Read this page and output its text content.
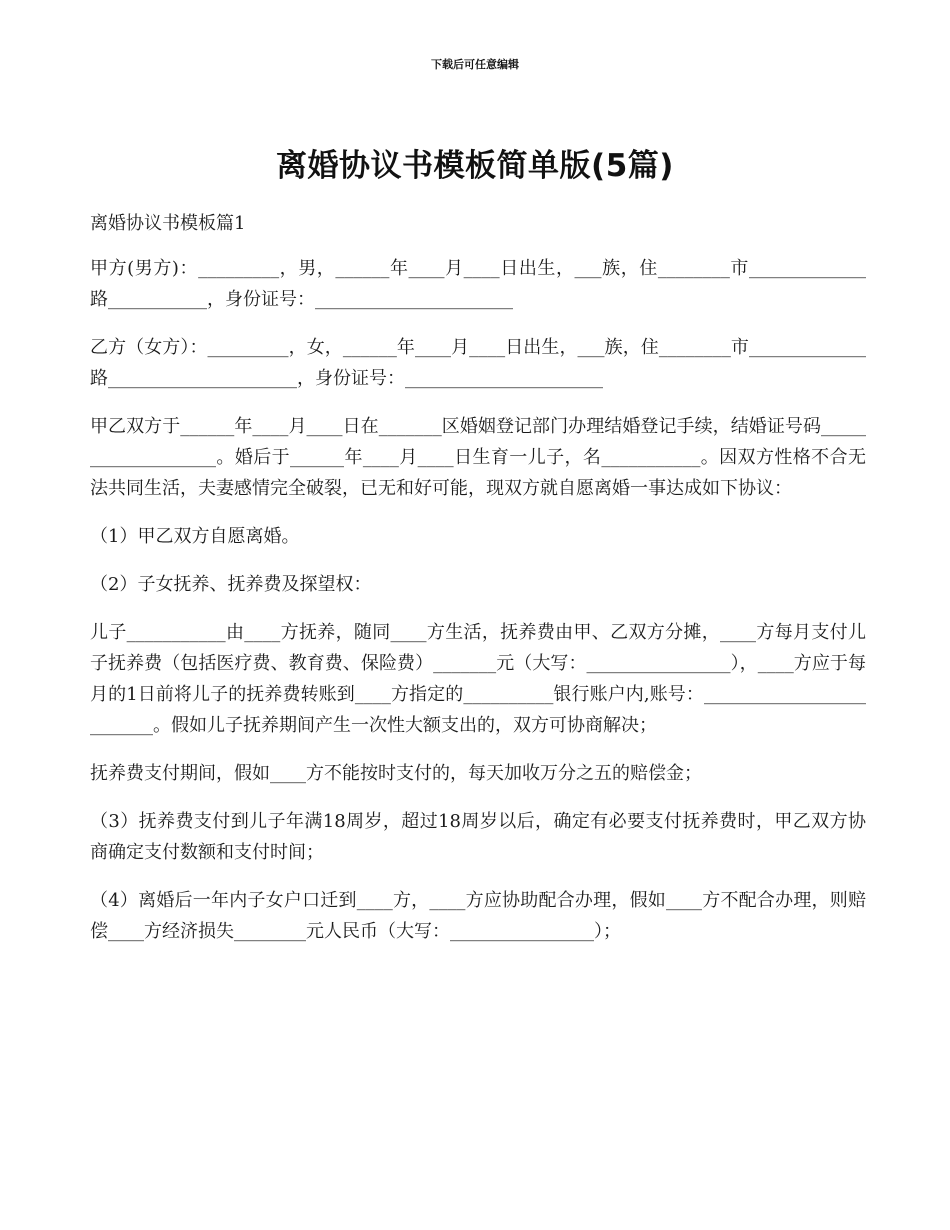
下载后可任意编辑
离婚协议书模板简单版(5篇)

离婚协议书模板篇1

甲方(男方)：_________，男，______年____月____日出生，___族，住________市_____________路___________，身份证号：______________________

乙方（女方）：_________，女，______年____月____日出生，___族，住________市_____________路_____________________，身份证号：______________________

甲乙双方于______年____月____日在_______区婚姻登记部门办理结婚登记手续，结婚证号码___________________。婚后于______年____月____日生育一儿子，名___________。因双方性格不合无法共同生活，夫妻感情完全破裂，已无和好可能，现双方就自愿离婚一事达成如下协议：

（1）甲乙双方自愿离婚。

（2）子女抚养、抚养费及探望权：

儿子___________由____方抚养，随同____方生活，抚养费由甲、乙双方分摊，____方每月支付儿子抚养费（包括医疗费、教育费、保险费）_______元（大写：________________），____方应于每月的1日前将儿子的抚养费转账到____方指定的__________银行账户内,账号：_________________________。假如儿子抚养期间产生一次性大额支出的，双方可协商解决；

抚养费支付期间，假如____方不能按时支付的，每天加收万分之五的赔偿金；

（3）抚养费支付到儿子年满18周岁，超过18周岁以后，确定有必要支付抚养费时，甲乙双方协商确定支付数额和支付时间；

（4）离婚后一年内子女户口迁到____方，____方应协助配合办理，假如____方不配合办理，则赔偿____方经济损失________元人民币（大写：________________）；
